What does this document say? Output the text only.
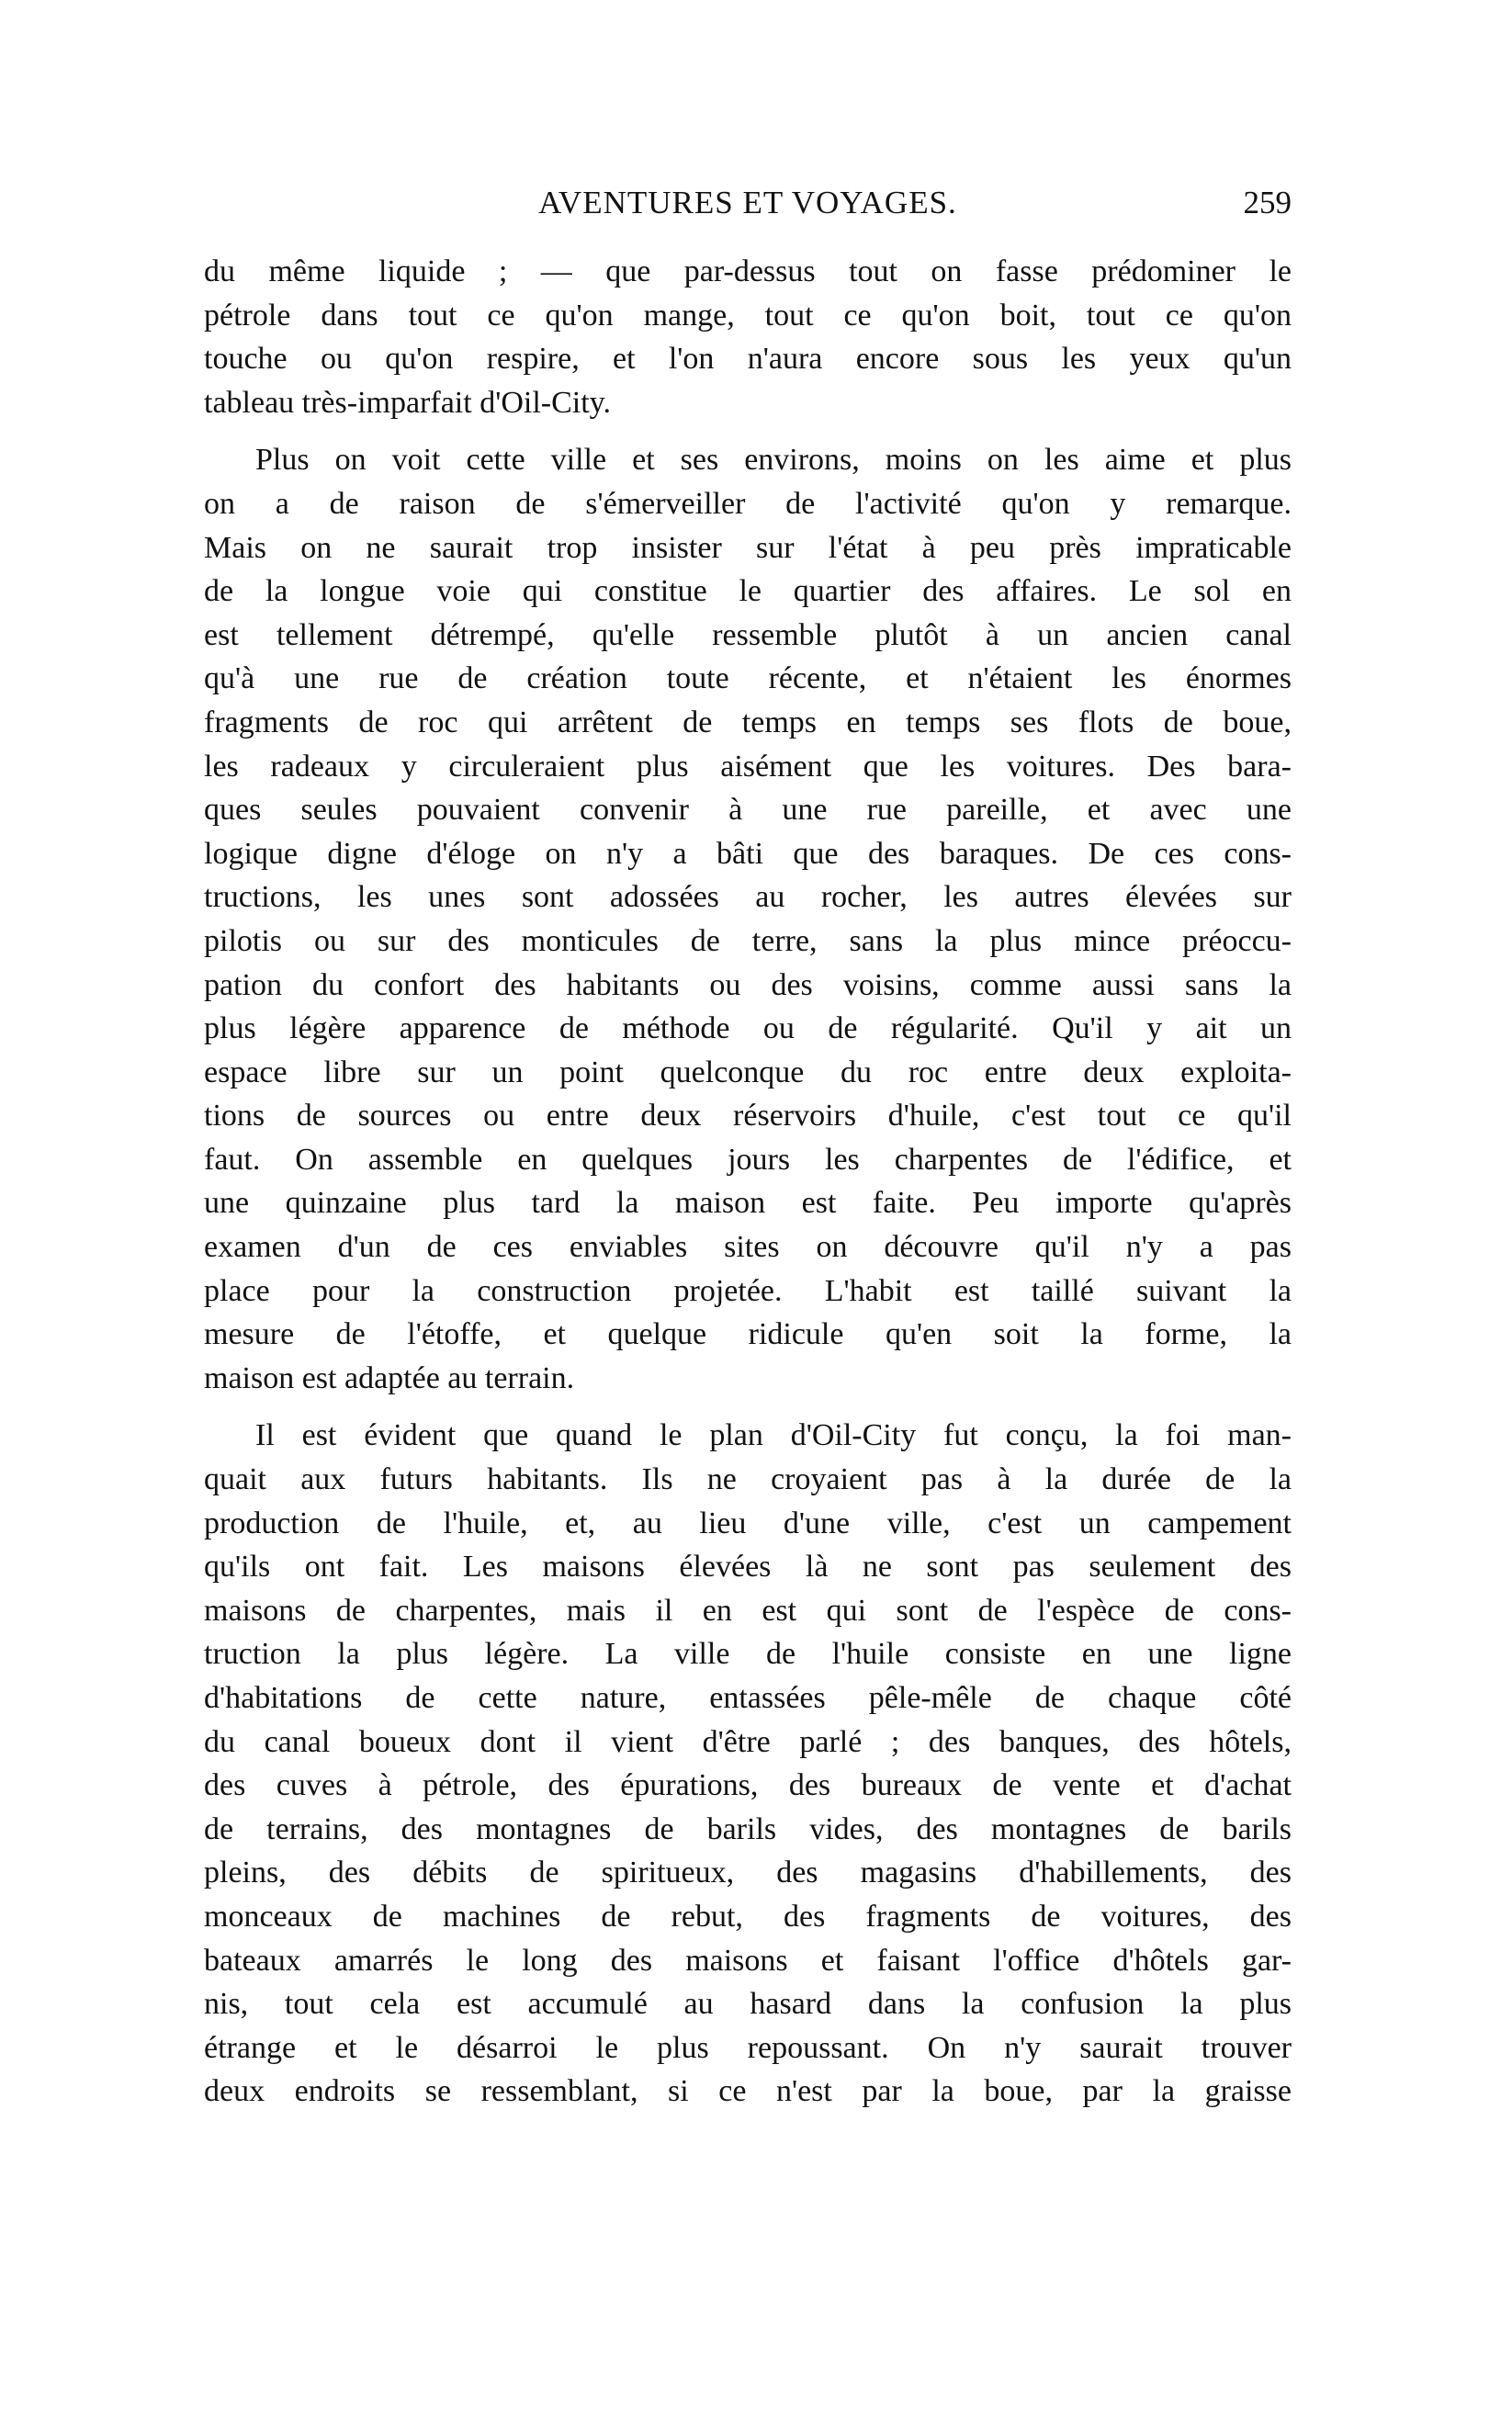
AVENTURES ET VOYAGES.	259
du même liquide ; — que par-dessus tout on fasse prédominer le
pétrole dans tout ce qu'on mange, tout ce qu'on boit, tout ce qu'on
touche ou qu'on respire, et l'on n'aura encore sous les yeux qu'un
tableau très-imparfait d'Oil-City.
Plus on voit cette ville et ses environs, moins on les aime et plus
on a de raison de s'émerveiller de l'activité qu'on y remarque.
Mais on ne saurait trop insister sur l'état à peu près impraticable
de la longue voie qui constitue le quartier des affaires. Le sol en
est tellement détrempé, qu'elle ressemble plutôt à un ancien canal
qu'à une rue de création toute récente, et n'étaient les énormes
fragments de roc qui arrêtent de temps en temps ses flots de boue,
les radeaux y circuleraient plus aisément que les voitures. Des bara-
ques seules pouvaient convenir à une rue pareille, et avec une
logique digne d'éloge on n'y a bâti que des baraques. De ces cons-
tructions, les unes sont adossées au rocher, les autres élevées sur
pilotis ou sur des monticules de terre, sans la plus mince préoccu-
pation du confort des habitants ou des voisins, comme aussi sans la
plus légère apparence de méthode ou de régularité. Qu'il y ait un
espace libre sur un point quelconque du roc entre deux exploita-
tions de sources ou entre deux réservoirs d'huile, c'est tout ce qu'il
faut. On assemble en quelques jours les charpentes de l'édifice, et
une quinzaine plus tard la maison est faite. Peu importe qu'après
examen d'un de ces enviables sites on découvre qu'il n'y a pas
place pour la construction projetée. L'habit est taillé suivant la
mesure de l'étoffe, et quelque ridicule qu'en soit la forme, la
maison est adaptée au terrain.
Il est évident que quand le plan d'Oil-City fut conçu, la foi man-
quait aux futurs habitants. Ils ne croyaient pas à la durée de la
production de l'huile, et, au lieu d'une ville, c'est un campement
qu'ils ont fait. Les maisons élevées là ne sont pas seulement des
maisons de charpentes, mais il en est qui sont de l'espèce de cons-
truction la plus légère. La ville de l'huile consiste en une ligne
d'habitations de cette nature, entassées pêle-mêle de chaque côté
du canal boueux dont il vient d'être parlé ; des banques, des hôtels,
des cuves à pétrole, des épurations, des bureaux de vente et d'achat
de terrains, des montagnes de barils vides, des montagnes de barils
pleins, des débits de spiritueux, des magasins d'habillements, des
monceaux de machines de rebut, des fragments de voitures, des
bateaux amarrés le long des maisons et faisant l'office d'hôtels gar-
nis, tout cela est accumulé au hasard dans la confusion la plus
étrange et le désarroi le plus repoussant. On n'y saurait trouver
deux endroits se ressemblant, si ce n'est par la boue, par la graisse
